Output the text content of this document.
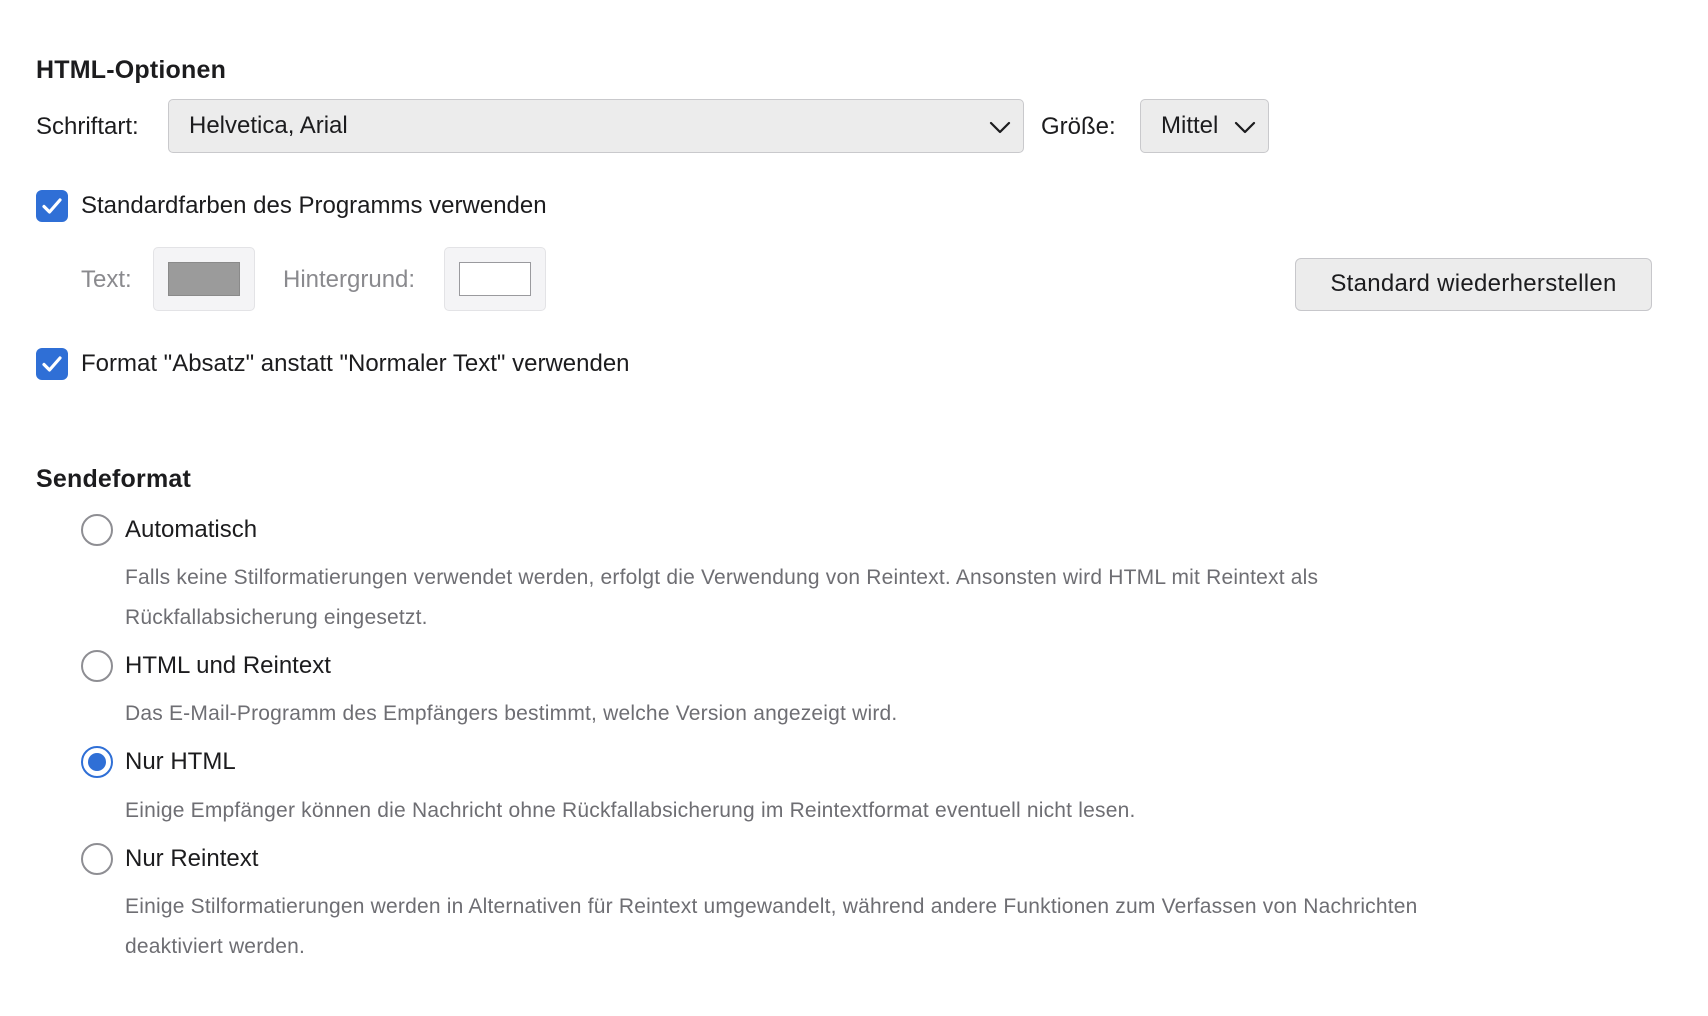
HTML-Optionen
Schriftart:	Helvetica, Arial	Größe:	Mittel
Standardfarben des Programms verwenden
Text:	Hintergrund:	Standard wiederherstellen
Format "Absatz" anstatt "Normaler Text" verwenden
Sendeformat
Automatisch
Falls keine Stilformatierungen verwendet werden, erfolgt die Verwendung von Reintext. Ansonsten wird HTML mit Reintext als
Rückfallabsicherung eingesetzt.
HTML und Reintext
Das E-Mail-Programm des Empfängers bestimmt, welche Version angezeigt wird.
Nur HTML
Einige Empfänger können die Nachricht ohne Rückfallabsicherung im Reintextformat eventuell nicht lesen.
Nur Reintext
Einige Stilformatierungen werden in Alternativen für Reintext umgewandelt, während andere Funktionen zum Verfassen von Nachrichten
deaktiviert werden.
